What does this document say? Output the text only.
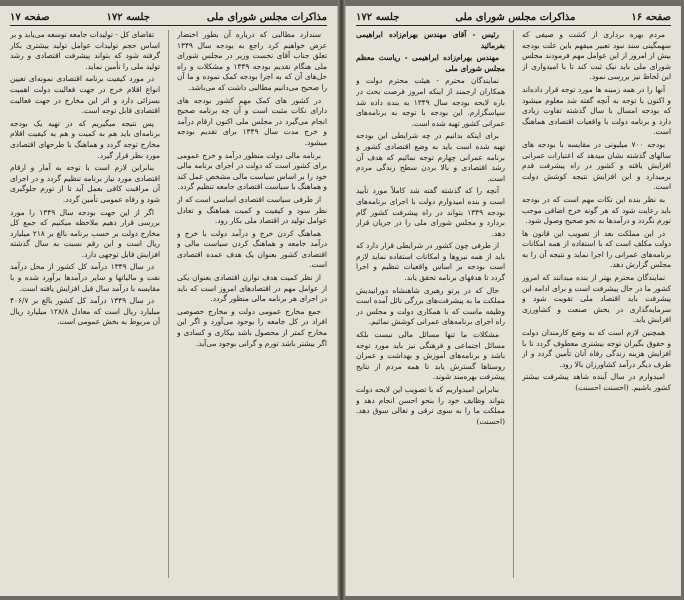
مذاکرات مجلس شورای ملی
جلسه ۱۷۲
صفحه ۱۷

سندارد مطالبی که درباره آن بطور اختصار عرض خواهیم کرد راجع به بودجه سال ۱۳۴۹ تعلق جناب آقای نخست وزیر در مجلس شورای ملی هنگام تقدیم بودجه ۱۳۴۹ و مشکلات و راه حل‌های آن که به اجرا بودجه کمک نموده و ما آن را صحیح می‌دانیم مطالبی داشت که می‌باشد.

در کشور های کمک مهم کشور بودجه های دارای نکات مثبت است و آن ‌چه برنامه صحیح انجام می‌گیرد در مجلس ملی اکنون ارقام درآمد و خرج مدت سال ۱۳۴۹ برای تقدیم بودجه میشود.

برنامه مالی دولت منظور درآمد و خرج عمومی برای کشور است که دولت در اجرای برنامه مالی خود را بر اساس سیاست مالی مشخص عمل کند و هماهنگ با سیاست اقتصادی جامعه تنظیم گردد.

از طرفی سیاست اقتصادی اساسی است که از نظر سود و کیفیت و کمیت هماهنگ و تعادل عوامل تولید در اقتصاد ملی بکار رود.

هماهنگ کردن خرج و درآمد دولت با خرج و درآمد جامعه و هماهنگ کردن سیاست مالی و اقتصادی کشور بعنوان یک هدف عمده اقتصادی است.

از نظر کمیت هدف توازن اقتصادی بعنوان یکی از عوامل مهم در اقتصادهای امروز است که باید در اجرای هر برنامه مالی منظور گردد.

جمع مخارج عمومی دولت و مخارج خصوصی افراد در کل جامعه را بوجود می‌آورد و اگر این مخارج کمتر از محصول باشد بیکاری و کسادی و اگر بیشتر باشد تورم و گرانی بوجود می‌آید.

تقاضای کل - تولیدات جامعه توسعه می‌یابد و بر اساس حجم تولیدات عوامل تولید بیشتری بکار گرفته شود که بتواند پیشرفت اقتصادی و رشد تولید ملی را تأمین نماید.

در مورد کیفیت برنامه اقتصادی نمونه‌ای تعیین انواع اقلام خرج در جهت فعالیت دولت اهمیت بسزائی دارد و اثر این مخارج در جهت فعالیت اقتصادی قابل توجه است.

پس نتیجه میگیریم که در تهیه یک بودجه برنامه‌ای باید هم به کمیت و هم به کیفیت اقلام مخارج توجه گردد و هماهنگ با طرحهای اقتصادی مورد نظر قرار گیرد.

بنابراین لازم است با توجه به آمار و ارقام اقتصادی مورد نیاز برنامه تنظیم گردد و در اجرای آن مراقبت کافی بعمل آید تا از تورم جلوگیری شود و رفاه عمومی تأمین گردد.

اگر از این جهت بودجه سال ۱۳۴۹ را مورد بررسی قرار دهیم ملاحظه میکنیم که جمع کل مخارج دولت بر حسب برنامه بالغ بر ۲۱۸ میلیارد ریال است و این رقم نسبت به سال گذشته افزایش قابل توجهی دارد.

در سال ۱۳۴۹ درآمد کل کشور از محل درآمد نفت و مالیاتها و سایر درآمدها برآورد شده و با مقایسه با درآمد سال قبل افزایش یافته است.

در سال ۱۳۴۹ درآمد کل کشور بالغ بر ۴۰۶/۷ میلیارد ریال است که معادل ۱۲۸/۸ میلیارد ریال آن مربوط به بخش عمومی است.

صفحه ۱۶
مذاکرات مجلس شورای ملی
جلسه ۱۷۲

مردم بهره برداری از کشت و صیفی که سهمگینی سند نبود تعبیر میفهم باین علت بودجه بیش از امروز از این عوامل مهم فرمودند مجلس شورای ملی باید نیک ثبت کند تا با امیدواری از این لحاظ نیز بررسی نمود.

آنها را در همه زمینه ها مورد توجه قرار داده‌اند و اکنون با توجه به آنچه گفته شد معلوم میشود که بودجه امسال با سال گذشته تفاوت زیادی دارد و برنامه دولت با واقعیات اقتصادی هماهنگ است.

بودجه ۷۰۰ میلیونی در مقایسه با بودجه های سالهای گذشته نشان میدهد که اعتبارات عمرانی افزایش یافته و کشور در راه پیشرفت قدم برمیدارد و این افزایش نتیجه کوشش دولت است.

به نظر بنده این نکات مهم است که در بودجه باید رعایت شود که هر گونه خرج اضافی موجب تورم نگردد و درآمدها به نحو صحیح وصول شود.

در این مملکت بعد از تصویب این قانون ها دولت مکلف است که با استفاده از همه امکانات برنامه‌های عمرانی را اجرا نماید و نتیجه آن را به مجلس گزارش دهد.

نمایندگان محترم بهتر از بنده میدانند که امروز کشور ما در حال پیشرفت است و برای ادامه این پیشرفت باید اقتصاد ملی تقویت شود و سرمایه‌گذاری در بخش صنعت و کشاورزی افزایش یابد.

همچنین لازم است که به وضع کارمندان دولت و حقوق بگیران توجه بیشتری معطوف گردد تا با افزایش هزینه زندگی رفاه آنان تأمین گردد و از طرف دیگر درآمد کشاورزان بالا رود.

امیدوارم در سال آینده شاهد پیشرفت بیشتر کشور باشیم. (احسنت احسنت)

رئیس - آقای مهندس بهرام‌زاده ابراهیمی بفرمائید

مهندس بهرام‌زاده ابراهیمی - ریاست معظم مجلس شورای ملی

نمایندگان محترم - هیئت محترم دولت و همکاران ارجمند از اینکه امروز فرصت بحث در باره لایحه بودجه سال ۱۳۴۹ به بنده داده شد سپاسگزارم. این بودجه با توجه به برنامه‌های عمرانی کشور تهیه شده است.

برای اینکه بدانیم در چه شرایطی این بودجه تهیه شده است باید به وضع اقتصادی کشور و برنامه عمرانی چهارم توجه نمائیم که هدف آن رشد اقتصادی و بالا بردن سطح زندگی مردم است.

آنچه را که گذشته گفته شد کاملاً مورد تأیید است و بنده امیدوارم دولت با اجرای برنامه‌های بودجه ۱۳۴۹ بتواند در راه پیشرفت کشور گام بردارد و مجلس شورای ملی را در جریان قرار دهد.

از طرفی چون کشور در شرایطی قرار دارد که باید از همه نیروها و امکانات استفاده نماید لازم است بودجه بر اساس واقعیات تنظیم و اجرا گردد تا هدفهای برنامه تحقق یابد.

حال که در پرتو رهبری شاهنشاه دورانیدیش مملکت ما به پیشرفت‌های بزرگی نائل آمده است وظیفه ماست که با همکاری دولت و مجلس در راه اجرای برنامه‌های عمرانی کوشش نمائیم.

مشکلات ما تنها مسائل مالی نیست بلکه مسائل اجتماعی و فرهنگی نیز باید مورد توجه باشد و برنامه‌های آموزش و بهداشت و عمران روستاها گسترش یابد تا همه مردم از نتایج پیشرفت بهره‌مند شوند.

بنابراین امیدواریم که با تصویب این لایحه دولت بتواند وظایف خود را بنحو احسن انجام دهد و مملکت ما را به سوی ترقی و تعالی سوق دهد. (احسنت)
